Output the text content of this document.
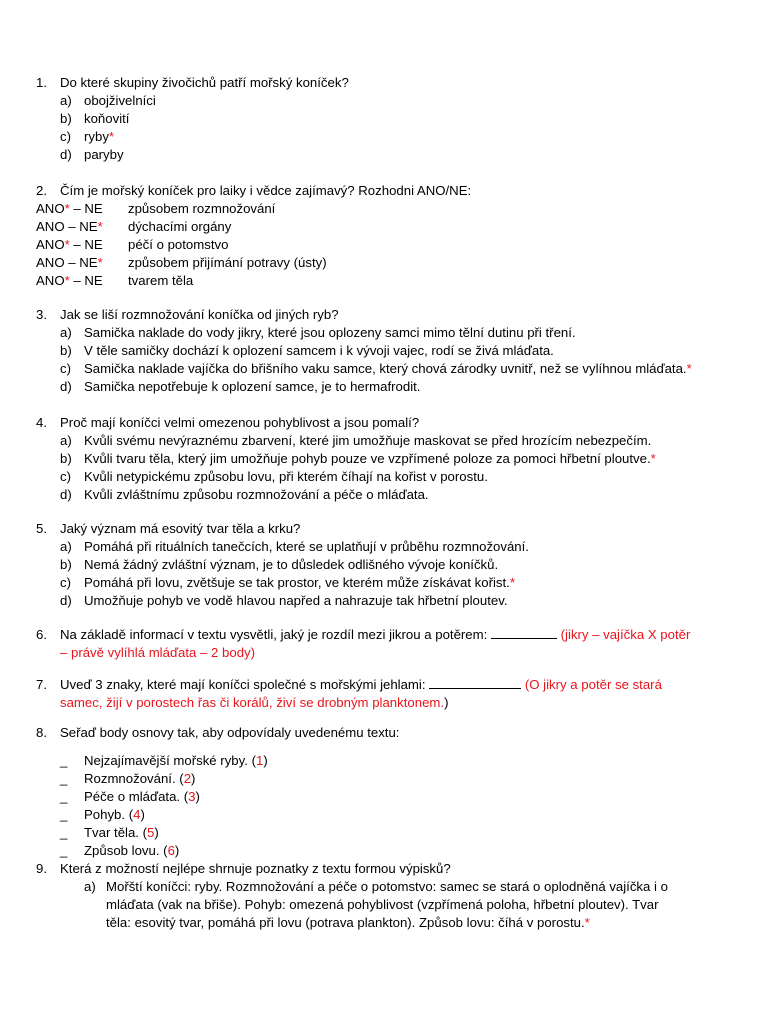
1. Do které skupiny živočichů patří mořský koníček?
a) obojživelníci
b) koňovití
c) ryby*
d) paryby
2. Čím je mořský koníček pro laiky i vědce zajímavý? Rozhodni ANO/NE:
ANO* – NE způsobem rozmnožování
ANO – NE* dýchacími orgány
ANO* – NE péčí o potomstvo
ANO – NE* způsobem přijímání potravy (ústy)
ANO* – NE tvarem těla
3. Jak se liší rozmnožování koníčka od jiných ryb?
a) Samička naklade do vody jikry, které jsou oplozeny samci mimo tělní dutinu při tření.
b) V těle samičky dochází k oplození samcem i k vývoji vajec, rodí se živá mláďata.
c) Samička naklade vajíčka do břišního vaku samce, který chová zárodky uvnitř, než se vylíhnou mláďata.*
d) Samička nepotřebuje k oplození samce, je to hermafrodit.
4. Proč mají koníčci velmi omezenou pohyblivost a jsou pomalí?
a) Kvůli svému nevýraznému zbarvení, které jim umožňuje maskovat se před hrozícím nebezpečím.
b) Kvůli tvaru těla, který jim umožňuje pohyb pouze ve vzpřímené poloze za pomoci hřbetní ploutve.*
c) Kvůli netypickému způsobu lovu, při kterém číhají na kořist v porostu.
d) Kvůli zvláštnímu způsobu rozmnožování a péče o mláďata.
5. Jaký význam má esovitý tvar těla a krku?
a) Pomáhá při rituálních tanečcích, které se uplatňují v průběhu rozmnožování.
b) Nemá žádný zvláštní význam, je to důsledek odlišného vývoje koníčků.
c) Pomáhá při lovu, zvětšuje se tak prostor, ve kterém může získávat kořist.*
d) Umožňuje pohyb ve vodě hlavou napřed a nahrazuje tak hřbetní ploutev.
6. Na základě informací v textu vysvětli, jaký je rozdíl mezi jikrou a potěrem:	(jikry – vajíčka X potěr
– právě vylíhlá mláďata – 2 body)
7. Uveď 3 znaky, které mají koníčci společné s mořskými jehlami:	(O jikry a potěr se stará
samec, žijí v porostech řas či korálů, živí se drobným planktonem.)
8. Seřaď body osnovy tak, aby odpovídaly uvedenému textu:
_ Nejzajímavější mořské ryby. (1)
_ Rozmnožování. (2)
_ Péče o mláďata. (3)
_ Pohyb. (4)
_ Tvar těla. (5)
_ Způsob lovu. (6)
9. Která z možností nejlépe shrnuje poznatky z textu formou výpisků?
a) Mořští koníčci: ryby. Rozmnožování a péče o potomstvo: samec se stará o oplodněná vajíčka i o
mláďata (vak na břiše). Pohyb: omezená pohyblivost (vzpřímená poloha, hřbetní ploutev). Tvar
těla: esovitý tvar, pomáhá při lovu (potrava plankton). Způsob lovu: číhá v porostu.*
